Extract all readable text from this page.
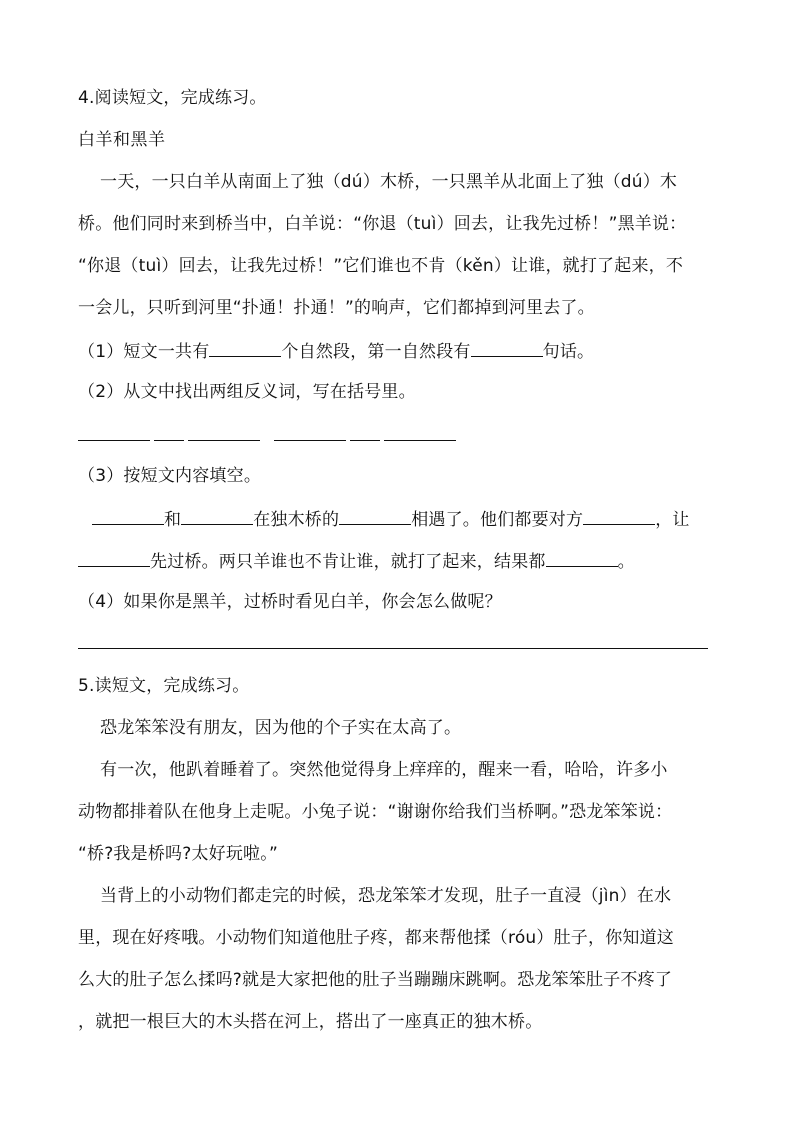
4.阅读短文，完成练习。
白羊和黑羊
一天，一只白羊从南面上了独（dú）木桥，一只黑羊从北面上了独（dú）木
桥。他们同时来到桥当中，白羊说：“你退（tuì）回去，让我先过桥！”黑羊说：
“你退（tuì）回去，让我先过桥！”它们谁也不肯（kěn）让谁，就打了起来，不
一会儿，只听到河里“扑通！扑通！”的响声，它们都掉到河里去了。
（1）短文一共有	个自然段，第一自然段有	句话。
（2）从文中找出两组反义词，写在括号里。
（3）按短文内容填空。
和	在独木桥的	相遇了。他们都要对方	，让
先过桥。两只羊谁也不肯让谁，就打了起来，结果都	。
（4）如果你是黑羊，过桥时看见白羊，你会怎么做呢？
5.读短文，完成练习。
恐龙笨笨没有朋友，因为他的个子实在太高了。
有一次，他趴着睡着了。突然他觉得身上痒痒的，醒来一看，哈哈，许多小
动物都排着队在他身上走呢。小兔子说：“谢谢你给我们当桥啊。”恐龙笨笨说：
“桥?我是桥吗?太好玩啦。”
当背上的小动物们都走完的时候，恐龙笨笨才发现，肚子一直浸（jìn）在水
里，现在好疼哦。小动物们知道他肚子疼，都来帮他揉（róu）肚子，你知道这
么大的肚子怎么揉吗?就是大家把他的肚子当蹦蹦床跳啊。恐龙笨笨肚子不疼了
，就把一根巨大的木头搭在河上，搭出了一座真正的独木桥。
